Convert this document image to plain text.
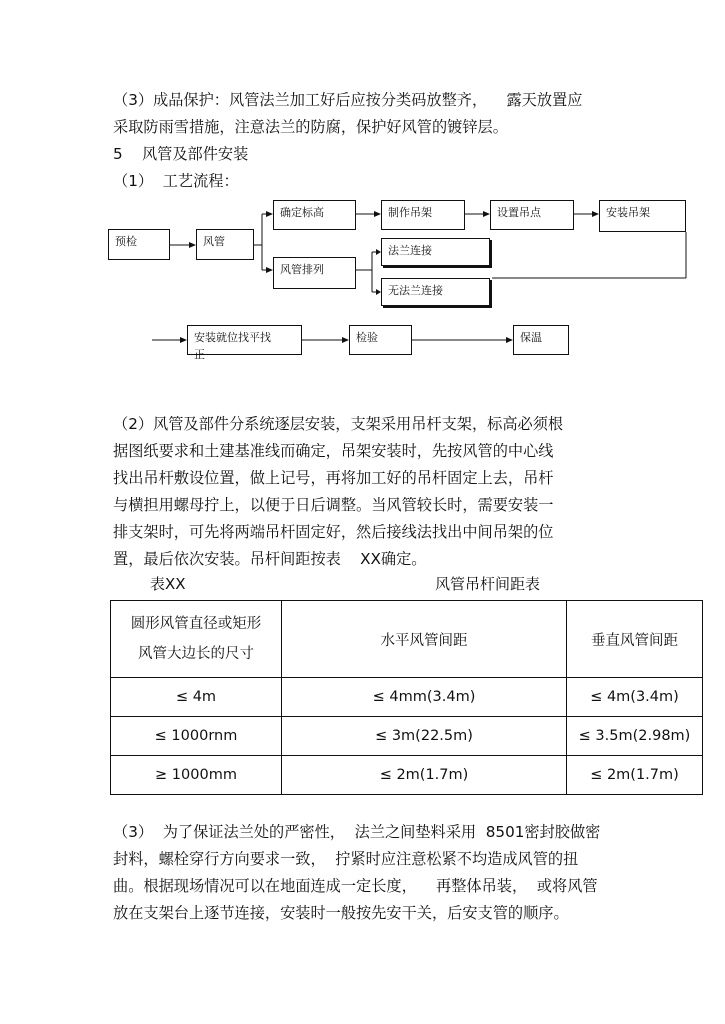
（3）成品保护：风管法兰加工好后应按分类码放整齐，    露天放置应
采取防雨雪措施，注意法兰的防腐，保护好风管的镀锌层。
5    风管及部件安装
（1）  工艺流程：
预检	风管
确定标高	制作吊架	设置吊点	安装吊架
风管排列
法兰连接
无法兰连接
安装就位找平找
正
检验	保温
（2）风管及部件分系统逐层安装，支架采用吊杆支架，标高必须根
据图纸要求和土建基准线而确定，吊架安装时，先按风管的中心线
找出吊杆敷设位置，做上记号，再将加工好的吊杆固定上去，吊杆
与横担用螺母拧上，以便于日后调整。当风管较长时，需要安装一
排支架时，可先将两端吊杆固定好，然后接线法找出中间吊架的位
置，最后依次安装。吊杆间距按表    XX确定。
表XX	风管吊杆间距表
圆形风管直径或矩形
风管大边长的尺寸	水平风管间距	垂直风管间距
≤ 4m	≤ 4mm(3.4m)	≤ 4m(3.4m)
≤ 1000rnm	≤ 3m(22.5m)	≤ 3.5m(2.98m)
≥ 1000mm	≤ 2m(1.7m)	≤ 2m(1.7m)
（3）  为了保证法兰处的严密性，  法兰之间垫料采用  8501密封胶做密
封料，螺栓穿行方向要求一致，  拧紧时应注意松紧不均造成风管的扭
曲。根据现场情况可以在地面连成一定长度，    再整体吊装，  或将风管
放在支架台上逐节连接，安装时一般按先安干关，后安支管的顺序。
